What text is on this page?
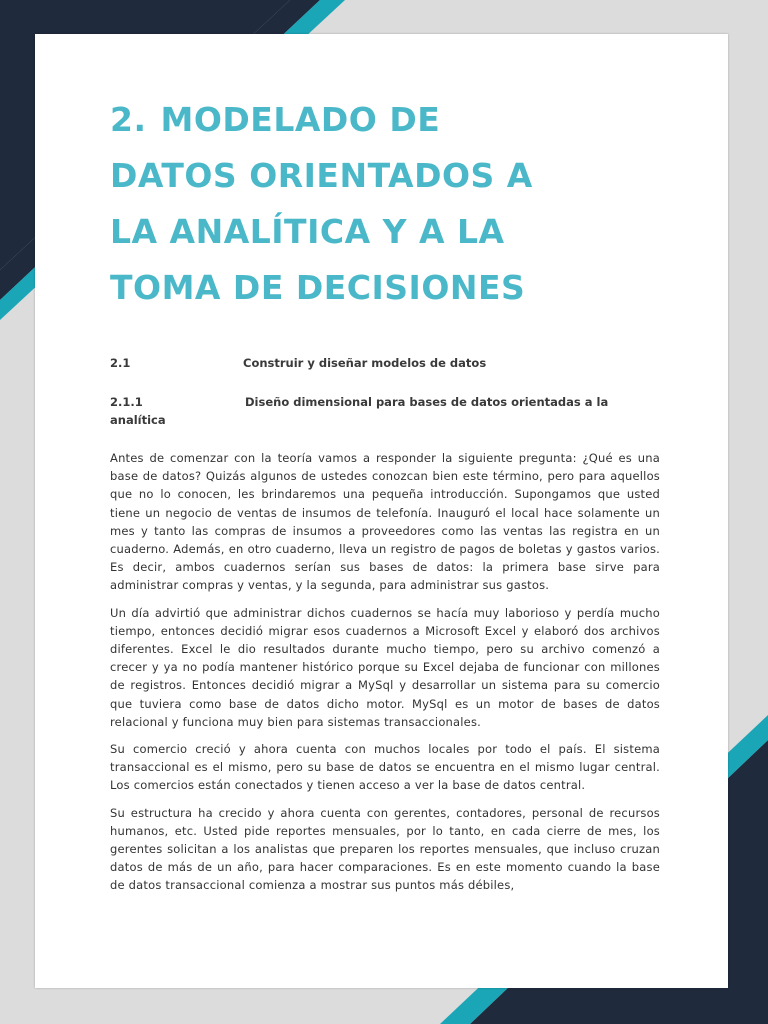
2. MODELADO DE
DATOS ORIENTADOS A
LA ANALÍTICA Y A LA
TOMA DE DECISIONES
2.1	Construir y diseñar modelos de datos
2.1.1	Diseño dimensional para bases de datos orientadas a la
analítica

Antes de comenzar con la teoría vamos a responder la siguiente pregunta: ¿Qué es una base de datos? Quizás algunos de ustedes conozcan bien este término, pero para aquellos que no lo conocen, les brindaremos una pequeña introducción. Supongamos que usted tiene un negocio de ventas de insumos de telefonía. Inauguró el local hace solamente un mes y tanto las compras de insumos a proveedores como las ventas las registra en un cuaderno. Además, en otro cuaderno, lleva un registro de pagos de boletas y gastos varios. Es decir, ambos cuadernos serían sus bases de datos: la primera base sirve para administrar compras y ventas, y la segunda, para administrar sus gastos.

Un día advirtió que administrar dichos cuadernos se hacía muy laborioso y perdía mucho tiempo, entonces decidió migrar esos cuadernos a Microsoft Excel y elaboró dos archivos diferentes. Excel le dio resultados durante mucho tiempo, pero su archivo comenzó a crecer y ya no podía mantener histórico porque su Excel dejaba de funcionar con millones de registros. Entonces decidió migrar a MySql y desarrollar un sistema para su comercio que tuviera como base de datos dicho motor. MySql es un motor de bases de datos relacional y funciona muy bien para sistemas transaccionales.

Su comercio creció y ahora cuenta con muchos locales por todo el país. El sistema transaccional es el mismo, pero su base de datos se encuentra en el mismo lugar central. Los comercios están conectados y tienen acceso a ver la base de datos central.

Su estructura ha crecido y ahora cuenta con gerentes, contadores, personal de recursos humanos, etc. Usted pide reportes mensuales, por lo tanto, en cada cierre de mes, los gerentes solicitan a los analistas que preparen los reportes mensuales, que incluso cruzan datos de más de un año, para hacer comparaciones. Es en este momento cuando la base de datos transaccional comienza a mostrar sus puntos más débiles,
